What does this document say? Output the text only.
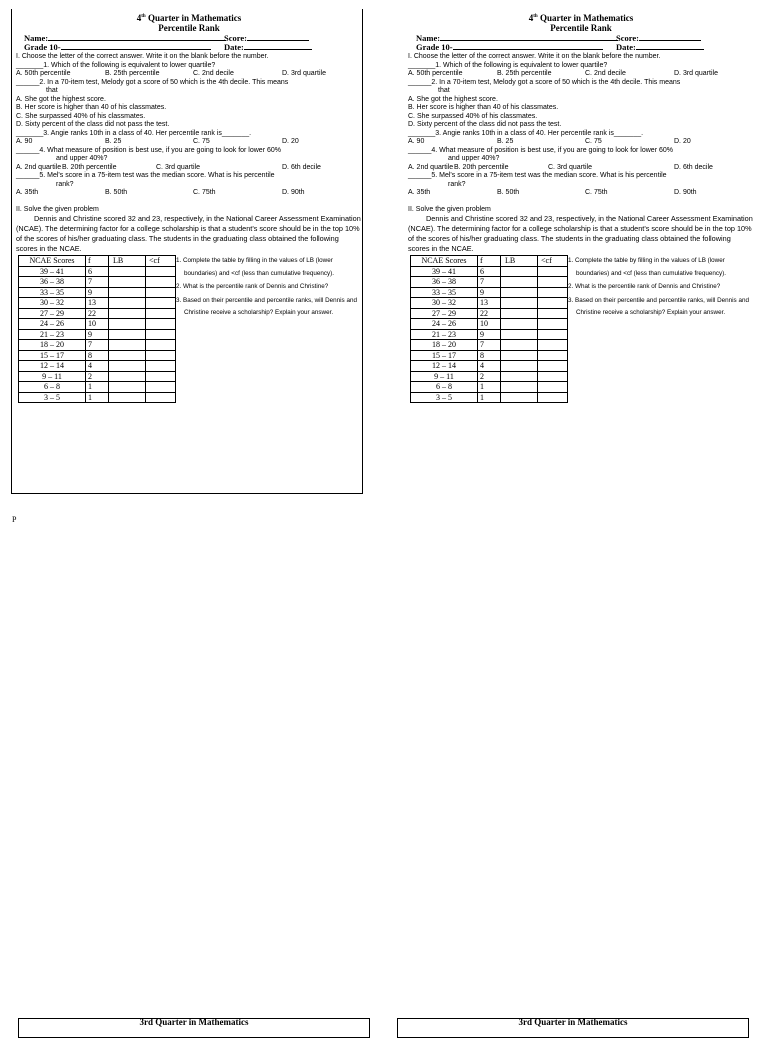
4th Quarter in Mathematics
Percentile Rank
Name:	Score:
Grade 10-	Date:
I. Choose the letter of the correct answer. Write it on the blank before the number.
_______1. Which of the following is equivalent to lower quartile?
A. 50th percentile	B. 25th percentile	C. 2nd decile	D. 3rd quartile
______2. In a 70-item test, Melody got a score of 50 which is the 4th decile. This means
that
A. She got the highest score.
B. Her score is higher than 40 of his classmates.
C. She surpassed 40% of his classmates.
D. Sixty percent of the class did not pass the test.
_______3. Angie ranks 10th in a class of 40. Her percentile rank is_______.
A. 90	B. 25	C. 75	D. 20
______4. What measure of position is best use, if you are going to look for lower 60%
and upper 40%?
A. 2nd quartile B. 20th percentile	C. 3rd quartile	D. 6th decile
______5. Mel's score in a 75-item test was the median score. What is his percentile
rank?
A. 35th	B. 50th	C. 75th	D. 90th
II. Solve the given problem
Dennis and Christine scored 32 and 23, respectively, in the National Career Assessment Examination (NCAE). The determining factor for a college scholarship is that a student's score should be in the top 10% of the scores of his/her graduating class. The students in the graduating class obtained the following scores in the NCAE.
NCAE Scores	f	LB	<cf
39 – 41	6		
36 – 38	7		
33 – 35	9		
30 – 32	13		
27 – 29	22		
24 – 26	10		
21 – 23	9		
18 – 20	7		
15 – 17	8		
12 – 14	4		
9 – 11	2		
6 – 8	1		
3 – 5	1		
1. Complete the table by filling in the values of LB (lower boundaries) and <cf (less than cumulative frequency).
2. What is the percentile rank of Dennis and Christine?
3. Based on their percentile and percentile ranks, will Dennis and Christine receive a scholarship? Explain your answer.
4th Quarter in Mathematics
Percentile Rank
Name:	Score:
Grade 10-	Date:
I. Choose the letter of the correct answer. Write it on the blank before the number.
_______1. Which of the following is equivalent to lower quartile?
A. 50th percentile	B. 25th percentile	C. 2nd decile	D. 3rd quartile
______2. In a 70-item test, Melody got a score of 50 which is the 4th decile. This means
that
A. She got the highest score.
B. Her score is higher than 40 of his classmates.
C. She surpassed 40% of his classmates.
D. Sixty percent of the class did not pass the test.
_______3. Angie ranks 10th in a class of 40. Her percentile rank is_______.
A. 90	B. 25	C. 75	D. 20
______4. What measure of position is best use, if you are going to look for lower 60%
and upper 40%?
A. 2nd quartile B. 20th percentile	C. 3rd quartile	D. 6th decile
______5. Mel's score in a 75-item test was the median score. What is his percentile
rank?
A. 35th	B. 50th	C. 75th	D. 90th
II. Solve the given problem
Dennis and Christine scored 32 and 23, respectively, in the National Career Assessment Examination (NCAE). The determining factor for a college scholarship is that a student's score should be in the top 10% of the scores of his/her graduating class. The students in the graduating class obtained the following scores in the NCAE.
NCAE Scores	f	LB	<cf
39 – 41	6		
36 – 38	7		
33 – 35	9		
30 – 32	13		
27 – 29	22		
24 – 26	10		
21 – 23	9		
18 – 20	7		
15 – 17	8		
12 – 14	4		
9 – 11	2		
6 – 8	1		
3 – 5	1		
1. Complete the table by filling in the values of LB (lower boundaries) and <cf (less than cumulative frequency).
2. What is the percentile rank of Dennis and Christine?
3. Based on their percentile and percentile ranks, will Dennis and Christine receive a scholarship? Explain your answer.
P
3rd Quarter in Mathematics	3rd Quarter in Mathematics
